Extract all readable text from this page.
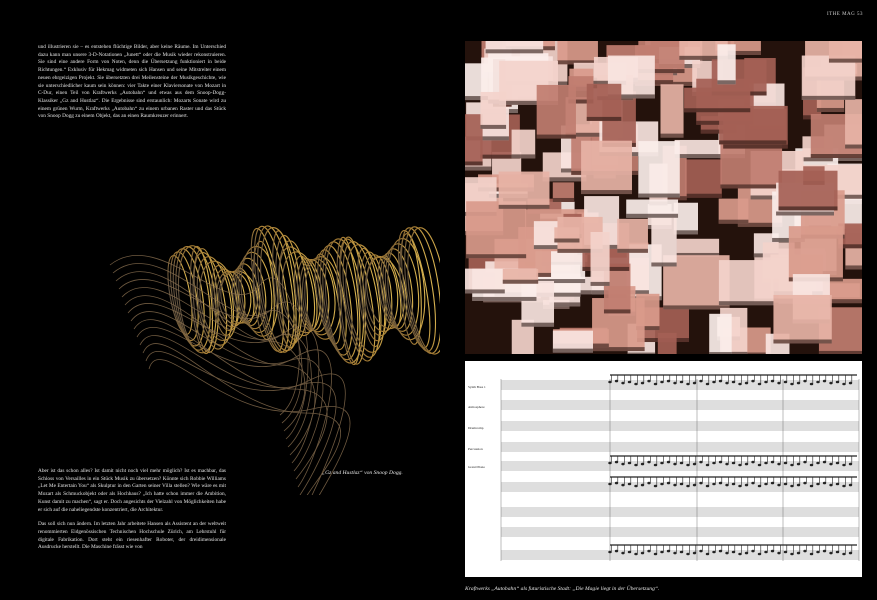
ITHE MAG 53

und illustrieren sie – es entstehen flüchtige Bilder, aber keine Räume. Im Unterschied dazu kann man unsere 3-D-Notationen „Junett“ oder die Musik wieder rekonstruieren. Sie sind eine andere Form von Noten, denn die Übersetzung funktioniert in beide Richtungen.“ Exklusiv für Hekmag widmeten sich Hansen und seine Mitstreiter einem neuen ehrgeizigen Projekt. Sie übersetzten drei Meilensteine der Musikgeschichte, wie sie unterschiedlicher kaum sein können: vier Takte einer Klaviersonate von Mozart in C-Dur, einen Teil von Kraftwerks „Autobahn“ und etwas aus dem Snoop-Dogg-Klassiker „Gz and Hustlaz“. Die Ergebnisse sind erstaunlich: Mozarts Sonate wird zu einem grünen Wurm, Kraftwerks „Autobahn“ zu einem urbanen Raster und das Stück von Snoop Dogg zu einem Objekt, das an einen Raumkreuzer erinnert.

„Gz and Hustlaz“ von Snoop Dogg.

Aber ist das schon alles? Ist damit nicht noch viel mehr möglich? Ist es machbar, das Schloss von Versailles in ein Stück Musik zu übersetzen? Könnte sich Robbie Williams „Let Me Entertain You“ als Skulptur in den Garten seiner Villa stellen? Wie wäre es mit Mozart als Schmuckobjekt oder als Hochhaus? „Ich hatte schon immer die Ambition, Kunst damit zu machen“, sagt er. Doch angesichts der Vielzahl von Möglichkeiten habe er sich auf die naheliegendste konzentriert, die Architektur.

Das soll sich nun ändern. Im letzten Jahr arbeitete Hansen als Assistent an der weltweit renommierten Eidgenössischen Technischen Hochschule Zürich, am Lehrstuhl für digitale Fabrikation. Dort steht ein riesenhafter Roboter, der dreidimensionale Ausdrucke herstellt. Die Maschine frässt wie von

Synth Bass 1
Atmosphere
Drumcomp
Percussion
Grand Piano
Kraftwerks „Autobahn“ als futuristische Stadt: „Die Magie liegt in der Übersetzung“.
